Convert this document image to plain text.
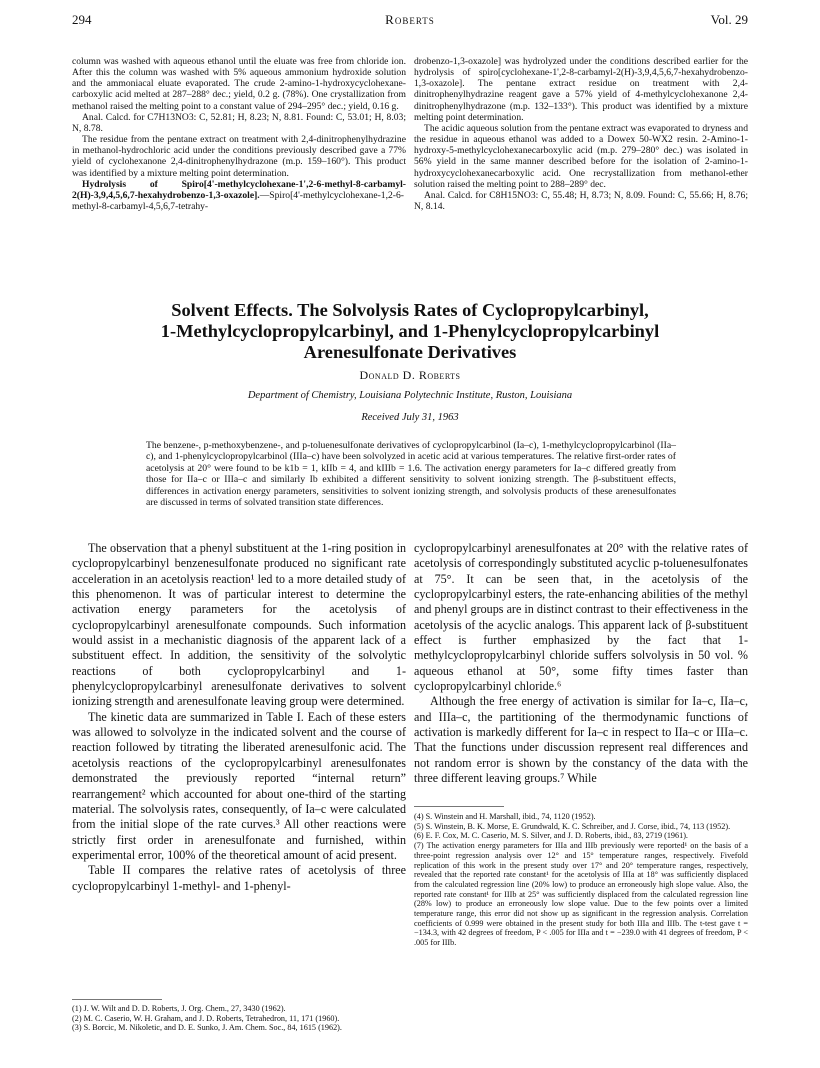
294	Roberts	Vol. 29

column was washed with aqueous ethanol until the eluate was free from chloride ion. After this the column was washed with 5% aqueous ammonium hydroxide solution and the ammoniacal eluate evaporated. The crude 2-amino-1-hydroxycyclohexane-carboxylic acid melted at 287–288° dec.; yield, 0.2 g. (78%). One crystallization from methanol raised the melting point to a constant value of 294–295° dec.; yield, 0.16 g.

Anal. Calcd. for C7H13NO3: C, 52.81; H, 8.23; N, 8.81. Found: C, 53.01; H, 8.03; N, 8.78.

The residue from the pentane extract on treatment with 2,4-dinitrophenylhydrazine in methanol-hydrochloric acid under the conditions previously described gave a 77% yield of cyclohexanone 2,4-dinitrophenylhydrazone (m.p. 159–160°). This product was identified by a mixture melting point determination.

Hydrolysis of Spiro[4'-methylcyclohexane-1',2-6-methyl-8-carbamyl-2(H)-3,9,4,5,6,7-hexahydrobenzo-1,3-oxazole].—Spiro[4'-methylcyclohexane-1,2-6-methyl-8-carbamyl-4,5,6,7-tetrahy-

drobenzo-1,3-oxazole] was hydrolyzed under the conditions described earlier for the hydrolysis of spiro[cyclohexane-1',2-8-carbamyl-2(H)-3,9,4,5,6,7-hexahydrobenzo-1,3-oxazole]. The pentane extract residue on treatment with 2,4-dinitrophenylhydrazine reagent gave a 57% yield of 4-methylcyclohexanone 2,4-dinitrophenylhydrazone (m.p. 132–133°). This product was identified by a mixture melting point determination.

The acidic aqueous solution from the pentane extract was evaporated to dryness and the residue in aqueous ethanol was added to a Dowex 50-WX2 resin. 2-Amino-1-hydroxy-5-methylcyclohexanecarboxylic acid (m.p. 279–280° dec.) was isolated in 56% yield in the same manner described before for the isolation of 2-amino-1-hydroxycyclohexanecarboxylic acid. One recrystallization from methanol-ether solution raised the melting point to 288–289° dec.

Anal. Calcd. for C8H15NO3: C, 55.48; H, 8.73; N, 8.09. Found: C, 55.66; H, 8.76; N, 8.14.

Solvent Effects. The Solvolysis Rates of Cyclopropylcarbinyl,
1-Methylcyclopropylcarbinyl, and 1-Phenylcyclopropylcarbinyl
Arenesulfonate Derivatives
Donald D. Roberts
Department of Chemistry, Louisiana Polytechnic Institute, Ruston, Louisiana
Received July 31, 1963
The benzene-, p-methoxybenzene-, and p-toluenesulfonate derivatives of cyclopropylcarbinol (Ia–c), 1-methylcyclopropylcarbinol (IIa–c), and 1-phenylcyclopropylcarbinol (IIIa–c) have been solvolyzed in acetic acid at various temperatures. The relative first-order rates of acetolysis at 20° were found to be k1b = 1, kIIb = 4, and kIIIb = 1.6. The activation energy parameters for Ia–c differed greatly from those for IIa–c or IIIa–c and similarly Ib exhibited a different sensitivity to solvent ionizing strength. The β-substituent effects, differences in activation energy parameters, sensitivities to solvent ionizing strength, and solvolysis products of these arenesulfonates are discussed in terms of solvated transition state differences.

The observation that a phenyl substituent at the 1-ring position in cyclopropylcarbinyl benzenesulfonate produced no significant rate acceleration in an acetolysis reaction¹ led to a more detailed study of this phenomenon. It was of particular interest to determine the activation energy parameters for the acetolysis of cyclopropylcarbinyl arenesulfonate compounds. Such information would assist in a mechanistic diagnosis of the apparent lack of a substituent effect. In addition, the sensitivity of the solvolytic reactions of both cyclopropylcarbinyl and 1-phenylcyclopropylcarbinyl arenesulfonate derivatives to solvent ionizing strength and arenesulfonate leaving group were determined.

The kinetic data are summarized in Table I. Each of these esters was allowed to solvolyze in the indicated solvent and the course of reaction followed by titrating the liberated arenesulfonic acid. The acetolysis reactions of the cyclopropylcarbinyl arenesulfonates demonstrated the previously reported “internal return” rearrangement² which accounted for about one-third of the starting material. The solvolysis rates, consequently, of Ia–c were calculated from the initial slope of the rate curves.³ All other reactions were strictly first order in arenesulfonate and furnished, within experimental error, 100% of the theoretical amount of acid present.

Table II compares the relative rates of acetolysis of three cyclopropylcarbinyl 1-methyl- and 1-phenyl-

cyclopropylcarbinyl arenesulfonates at 20° with the relative rates of acetolysis of correspondingly substituted acyclic p-toluenesulfonates at 75°. It can be seen that, in the acetolysis of the cyclopropylcarbinyl esters, the rate-enhancing abilities of the methyl and phenyl groups are in distinct contrast to their effectiveness in the acetolysis of the acyclic analogs. This apparent lack of β-substituent effect is further emphasized by the fact that 1-methylcyclopropylcarbinyl chloride suffers solvolysis in 50 vol. % aqueous ethanol at 50°, some fifty times faster than cyclopropylcarbinyl chloride.⁶

Although the free energy of activation is similar for Ia–c, IIa–c, and IIIa–c, the partitioning of the thermodynamic functions of activation is markedly different for Ia–c in respect to IIa–c or IIIa–c. That the functions under discussion represent real differences and not random error is shown by the constancy of the data with the three different leaving groups.⁷ While

(1) J. W. Wilt and D. D. Roberts, J. Org. Chem., 27, 3430 (1962).

(2) M. C. Caserio, W. H. Graham, and J. D. Roberts, Tetrahedron, 11, 171 (1960).

(3) S. Borcic, M. Nikoletic, and D. E. Sunko, J. Am. Chem. Soc., 84, 1615 (1962).

(4) S. Winstein and H. Marshall, ibid., 74, 1120 (1952).

(5) S. Winstein, B. K. Morse, E. Grundwald, K. C. Schreiber, and J. Corse, ibid., 74, 113 (1952).

(6) E. F. Cox, M. C. Caserio, M. S. Silver, and J. D. Roberts, ibid., 83, 2719 (1961).

(7) The activation energy parameters for IIIa and IIIb previously were reported¹ on the basis of a three-point regression analysis over 12° and 15° temperature ranges, respectively. Fivefold replication of this work in the present study over 17° and 20° temperature ranges, respectively, revealed that the reported rate constant¹ for the acetolysis of IIIa at 18° was sufficiently displaced from the calculated regression line (20% low) to produce an erroneously high slope value. Also, the reported rate constant¹ for IIIb at 25° was sufficiently displaced from the calculated regression line (28% low) to produce an erroneously low slope value. Due to the few points over a limited temperature range, this error did not show up as significant in the regression analysis. Correlation coefficients of 0.999 were obtained in the present study for both IIIa and IIIb. The t-test gave t = −134.3, with 42 degrees of freedom, P < .005 for IIIa and t = −239.0 with 41 degrees of freedom, P < .005 for IIIb.
